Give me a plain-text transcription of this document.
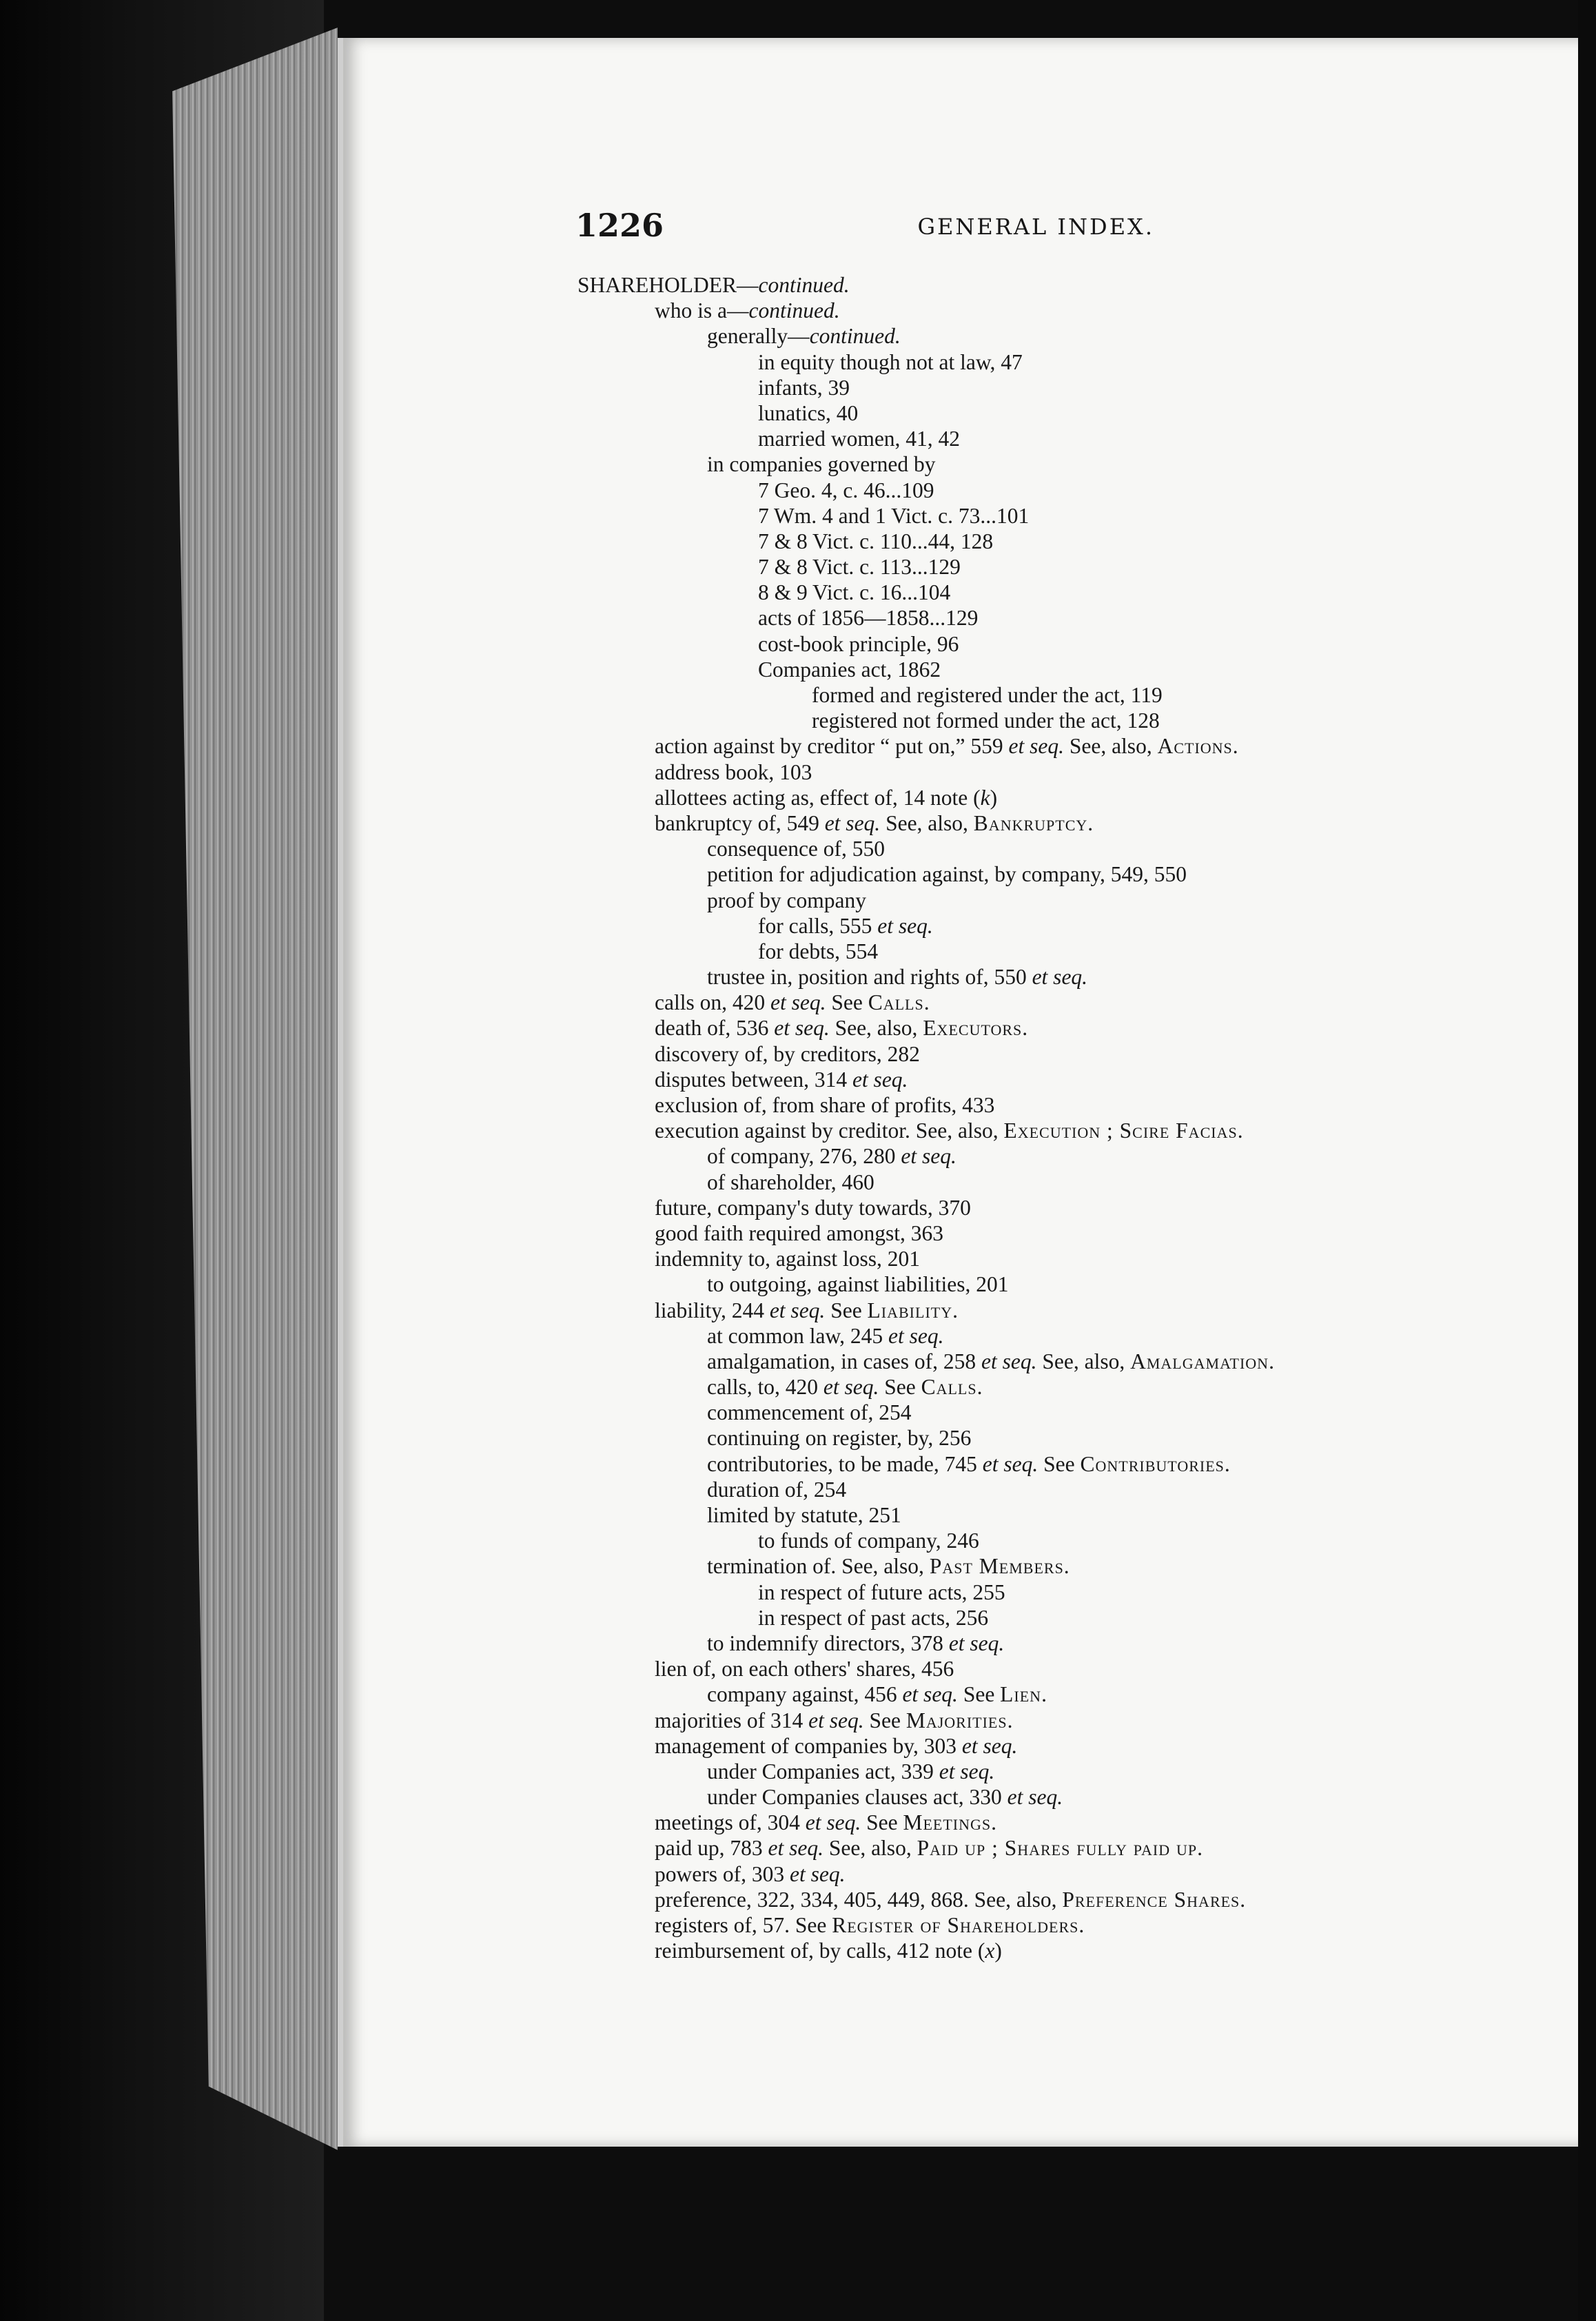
1226	GENERAL INDEX.
SHAREHOLDER—continued.
who is a—continued.
generally—continued.
in equity though not at law, 47
infants, 39
lunatics, 40
married women, 41, 42
in companies governed by
7 Geo. 4, c. 46...109
7 Wm. 4 and 1 Vict. c. 73...101
7 & 8 Vict. c. 110...44, 128
7 & 8 Vict. c. 113...129
8 & 9 Vict. c. 16...104
acts of 1856—1858...129
cost-book principle, 96
Companies act, 1862
formed and registered under the act, 119
registered not formed under the act, 128
action against by creditor “ put on,” 559 et seq. See, also, Actions.
address book, 103
allottees acting as, effect of, 14 note (k)
bankruptcy of, 549 et seq. See, also, Bankruptcy.
consequence of, 550
petition for adjudication against, by company, 549, 550
proof by company
for calls, 555 et seq.
for debts, 554
trustee in, position and rights of, 550 et seq.
calls on, 420 et seq. See Calls.
death of, 536 et seq. See, also, Executors.
discovery of, by creditors, 282
disputes between, 314 et seq.
exclusion of, from share of profits, 433
execution against by creditor. See, also, Execution ; Scire Facias.
of company, 276, 280 et seq.
of shareholder, 460
future, company's duty towards, 370
good faith required amongst, 363
indemnity to, against loss, 201
to outgoing, against liabilities, 201
liability, 244 et seq. See Liability.
at common law, 245 et seq.
amalgamation, in cases of, 258 et seq. See, also, Amalgamation.
calls, to, 420 et seq. See Calls.
commencement of, 254
continuing on register, by, 256
contributories, to be made, 745 et seq. See Contributories.
duration of, 254
limited by statute, 251
to funds of company, 246
termination of. See, also, Past Members.
in respect of future acts, 255
in respect of past acts, 256
to indemnify directors, 378 et seq.
lien of, on each others' shares, 456
company against, 456 et seq. See Lien.
majorities of 314 et seq. See Majorities.
management of companies by, 303 et seq.
under Companies act, 339 et seq.
under Companies clauses act, 330 et seq.
meetings of, 304 et seq. See Meetings.
paid up, 783 et seq. See, also, Paid up ; Shares fully paid up.
powers of, 303 et seq.
preference, 322, 334, 405, 449, 868. See, also, Preference Shares.
registers of, 57. See Register of Shareholders.
reimbursement of, by calls, 412 note (x)
